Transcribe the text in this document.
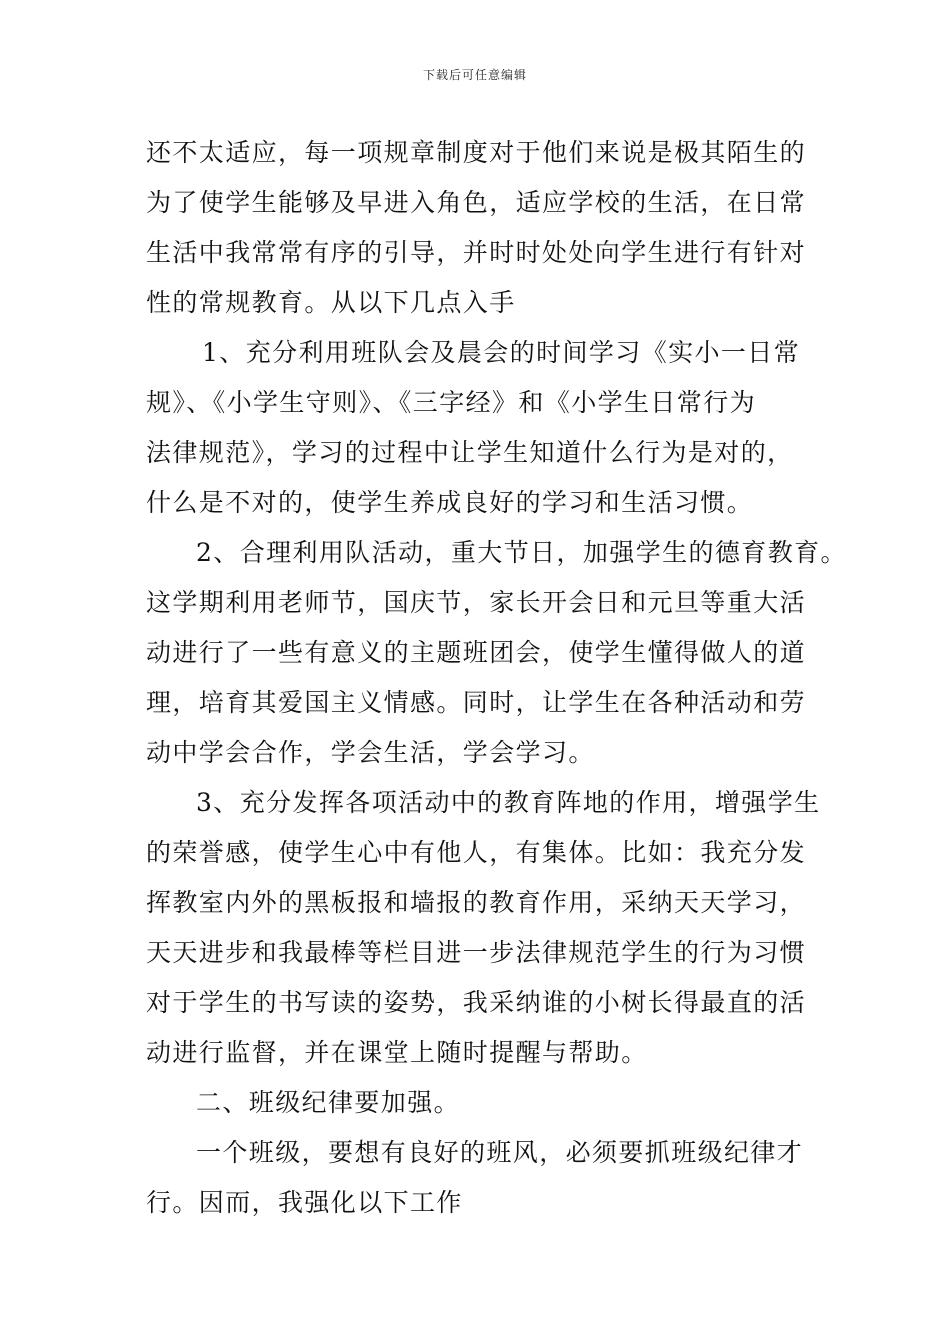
下载后可任意编辑
还不太适应，每一项规章制度对于他们来说是极其陌生的
为了使学生能够及早进入角色，适应学校的生活，在日常
生活中我常常有序的引导，并时时处处向学生进行有针对
性的常规教育。从以下几点入手
1、充分利用班队会及晨会的时间学习《实小一日常
规》、《小学生守则》、《三字经》和《小学生日常行为
法律规范》，学习的过程中让学生知道什么行为是对的，
什么是不对的，使学生养成良好的学习和生活习惯。
2、合理利用队活动，重大节日，加强学生的德育教育。
这学期利用老师节，国庆节，家长开会日和元旦等重大活
动进行了一些有意义的主题班团会，使学生懂得做人的道
理，培育其爱国主义情感。同时，让学生在各种活动和劳
动中学会合作，学会生活，学会学习。
3、充分发挥各项活动中的教育阵地的作用，增强学生
的荣誉感，使学生心中有他人，有集体。比如：我充分发
挥教室内外的黑板报和墙报的教育作用，采纳天天学习，
天天进步和我最棒等栏目进一步法律规范学生的行为习惯
对于学生的书写读的姿势，我采纳谁的小树长得最直的活
动进行监督，并在课堂上随时提醒与帮助。
二、班级纪律要加强。
一个班级，要想有良好的班风，必须要抓班级纪律才
行。因而，我强化以下工作
